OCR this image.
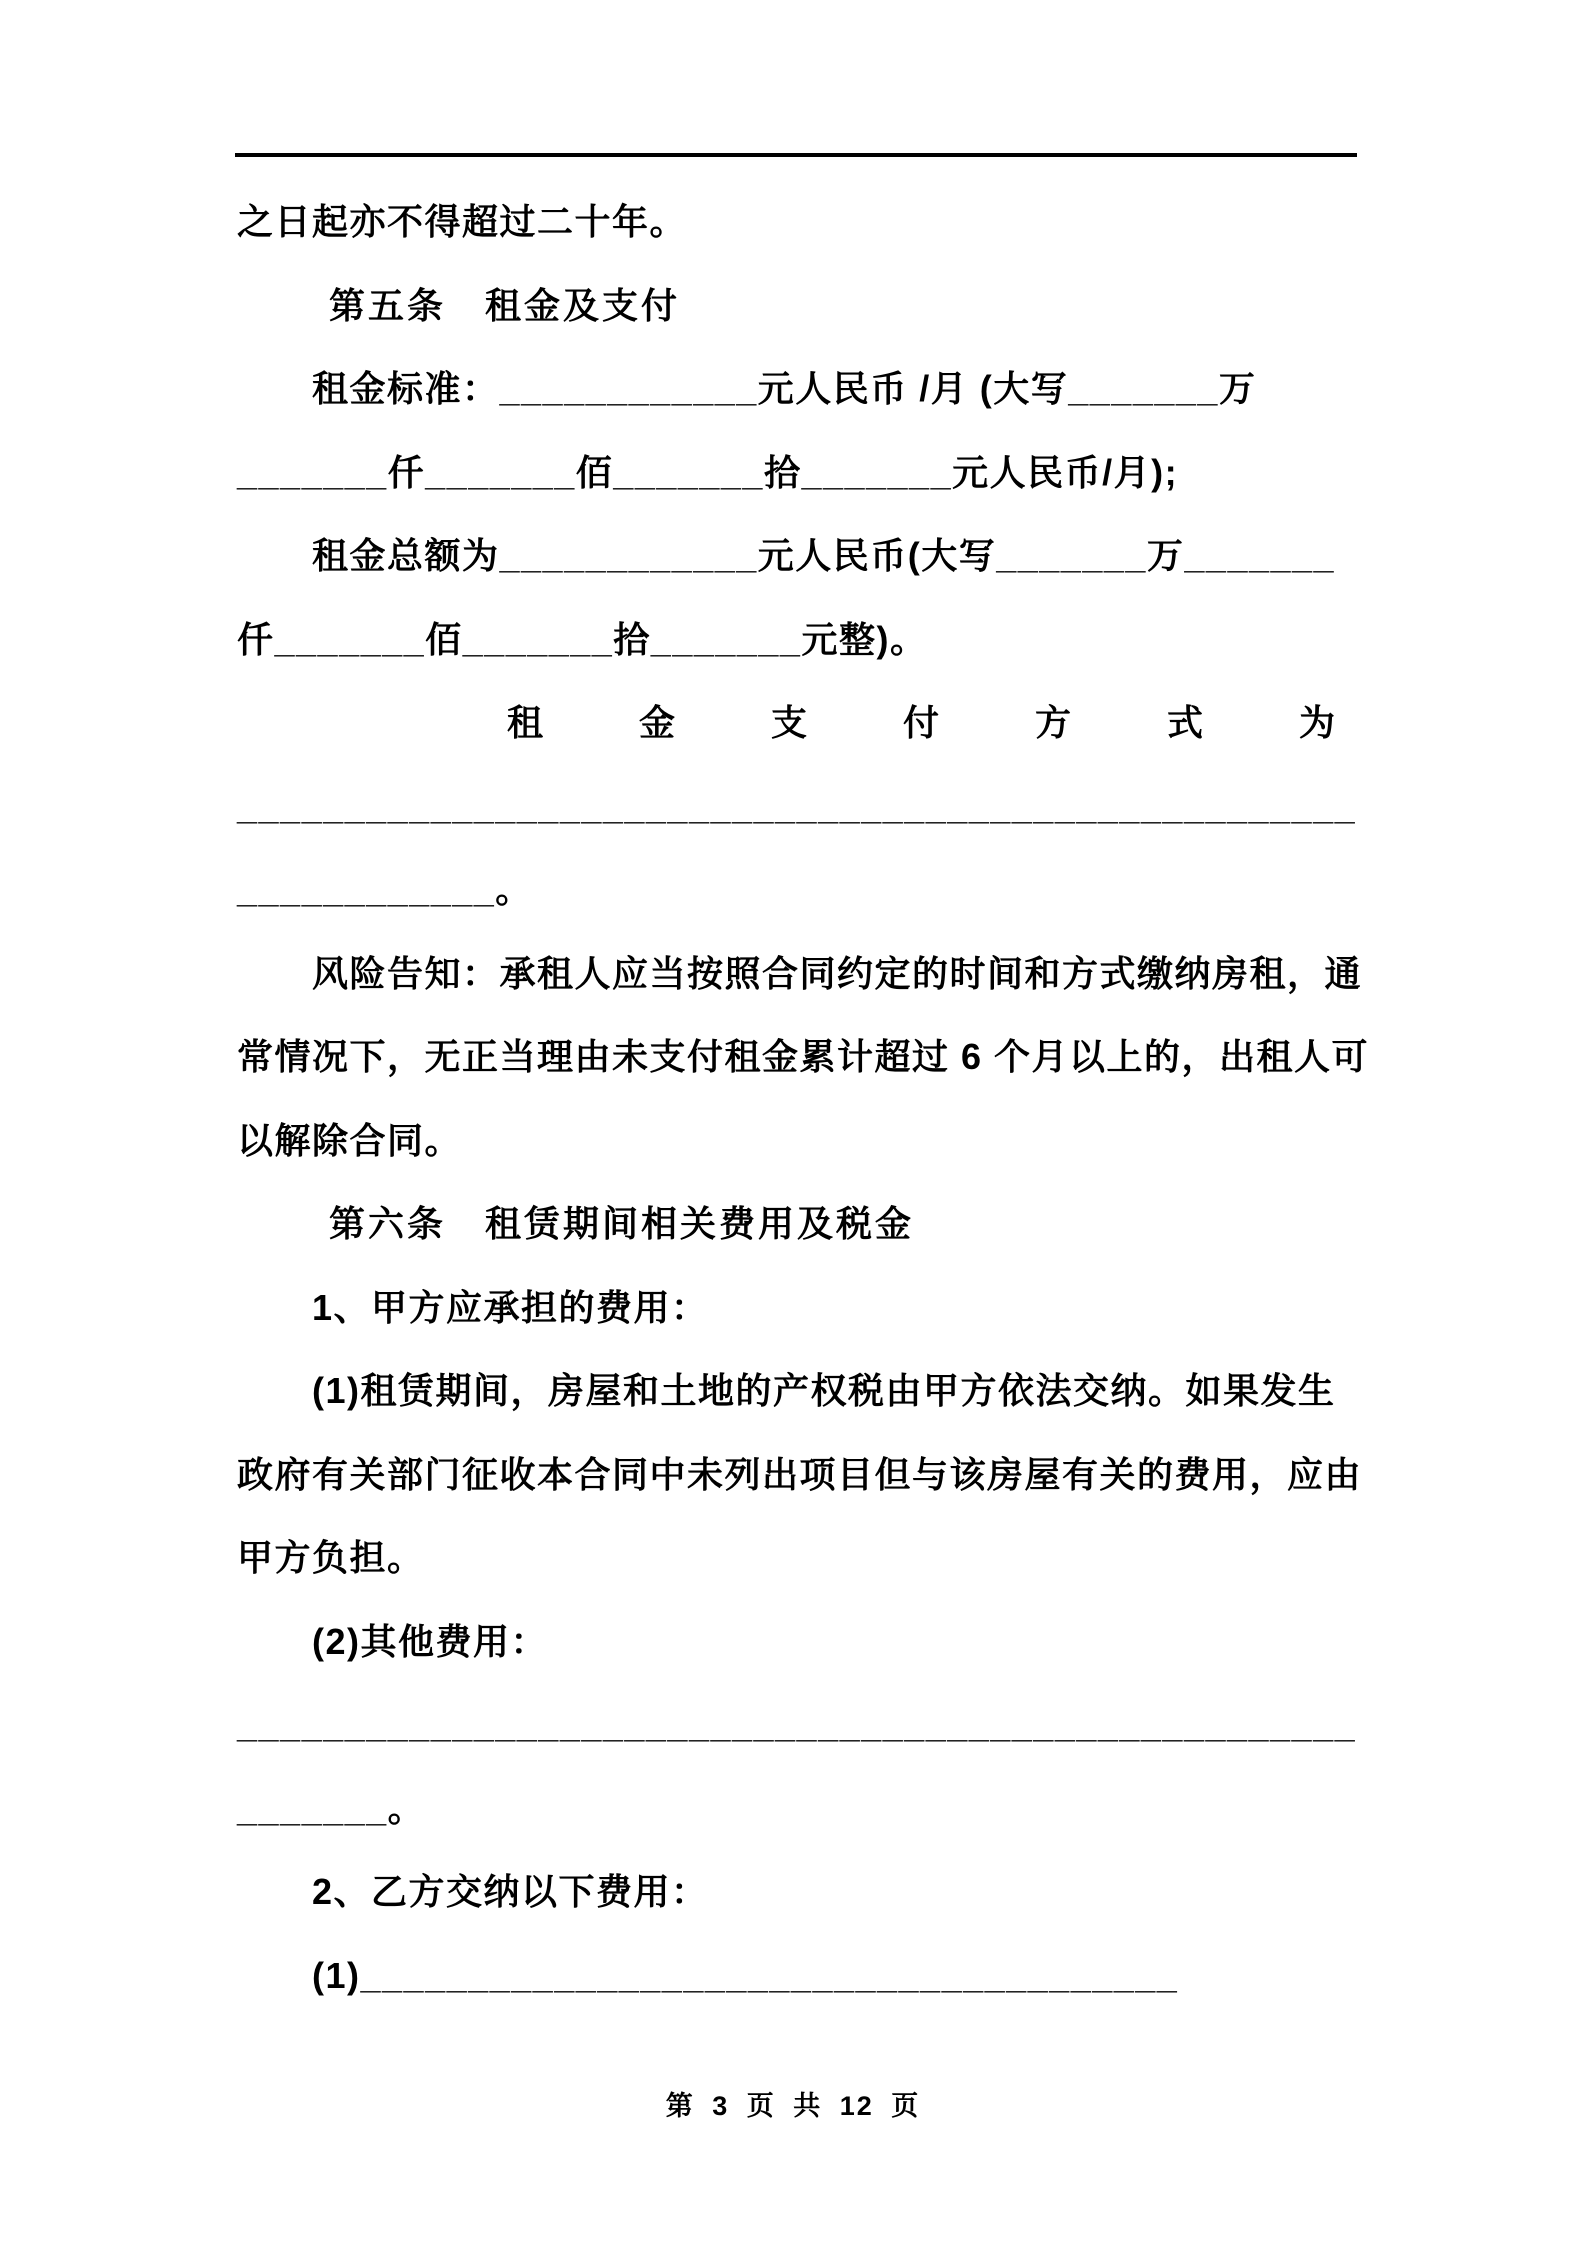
之日起亦不得超过二十年。
第五条　租金及支付
租金标准：____________元人民币 /月 (大写_______万
_______仟_______佰_______拾_______元人民币/月);
租金总额为____________元人民币(大写_______万_______
仟_______佰_______拾_______元整)。
租金支付方式为
____________________________________________________
____________。
风险告知：承租人应当按照合同约定的时间和方式缴纳房租，通
常情况下，无正当理由未支付租金累计超过 6 个月以上的，出租人可
以解除合同。
第六条　租赁期间相关费用及税金
1、甲方应承担的费用：
(1)租赁期间，房屋和土地的产权税由甲方依法交纳。如果发生
政府有关部门征收本合同中未列出项目但与该房屋有关的费用，应由
甲方负担。
(2)其他费用：
____________________________________________________
_______。
2、乙方交纳以下费用：
(1)______________________________________
第 3 页 共 12 页
